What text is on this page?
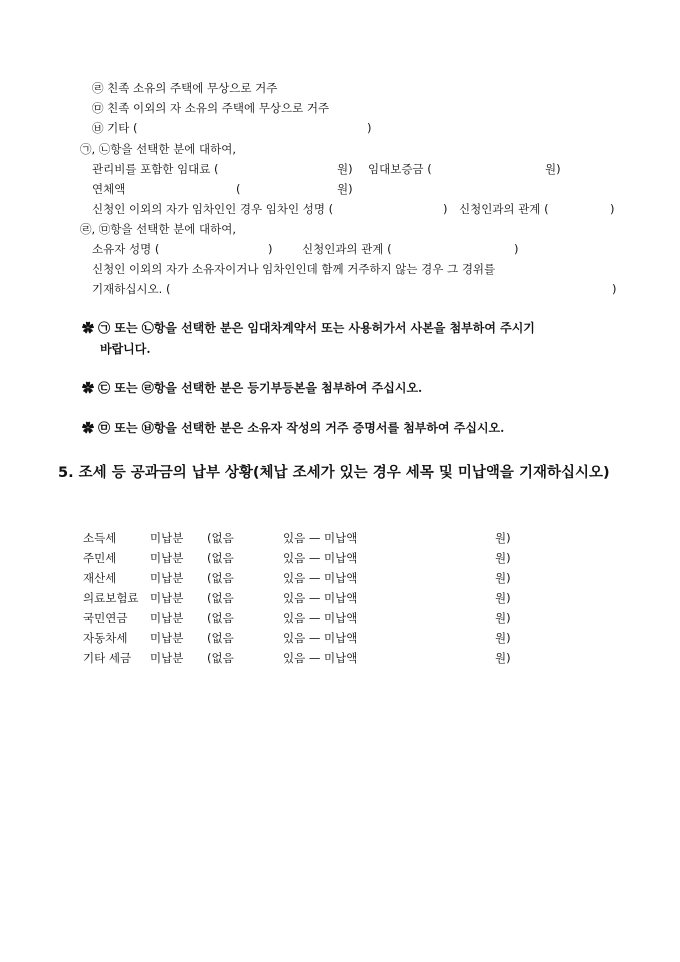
㉣ 친족 소유의 주택에 무상으로 거주
㉤ 친족 이외의 자 소유의 주택에 무상으로 거주
㉥ 기타 (	)
㉠, ㉡항을 선택한 분에 대하여,
관리비를 포함한 임대료 (	원) 임대보증금 (	원)
연체액	(	원)
신청인 이외의 자가 임차인인 경우 임차인 성명 (	) 신청인과의 관계 (	)
㉣, ㉤항을 선택한 분에 대하여,
소유자 성명 (	)	신청인과의 관계 (	)
신청인 이외의 자가 소유자이거나 임차인인데 함께 거주하지 않는 경우 그 경위를
기재하십시오. (	)
✿ ㉠ 또는 ㉡항을 선택한 분은 임대차계약서 또는 사용허가서 사본을 첨부하여 주시기
바랍니다.
✿ ㉢ 또는 ㉣항을 선택한 분은 등기부등본을 첨부하여 주십시오.
✿ ㉤ 또는 ㉥항을 선택한 분은 소유자 작성의 거주 증명서를 첨부하여 주십시오.
5. 조세 등 공과금의 납부 상황(체납 조세가 있는 경우 세목 및 미납액을 기재하십시오)
소득세	미납분 (없음	있음 — 미납액	원)
주민세	미납분 (없음	있음 — 미납액	원)
재산세	미납분 (없음	있음 — 미납액	원)
의료보험료 미납분 (없음	있음 — 미납액	원)
국민연금 미납분 (없음	있음 — 미납액	원)
자동차세 미납분 (없음	있음 — 미납액	원)
기타 세금 미납분 (없음	있음 — 미납액	원)
